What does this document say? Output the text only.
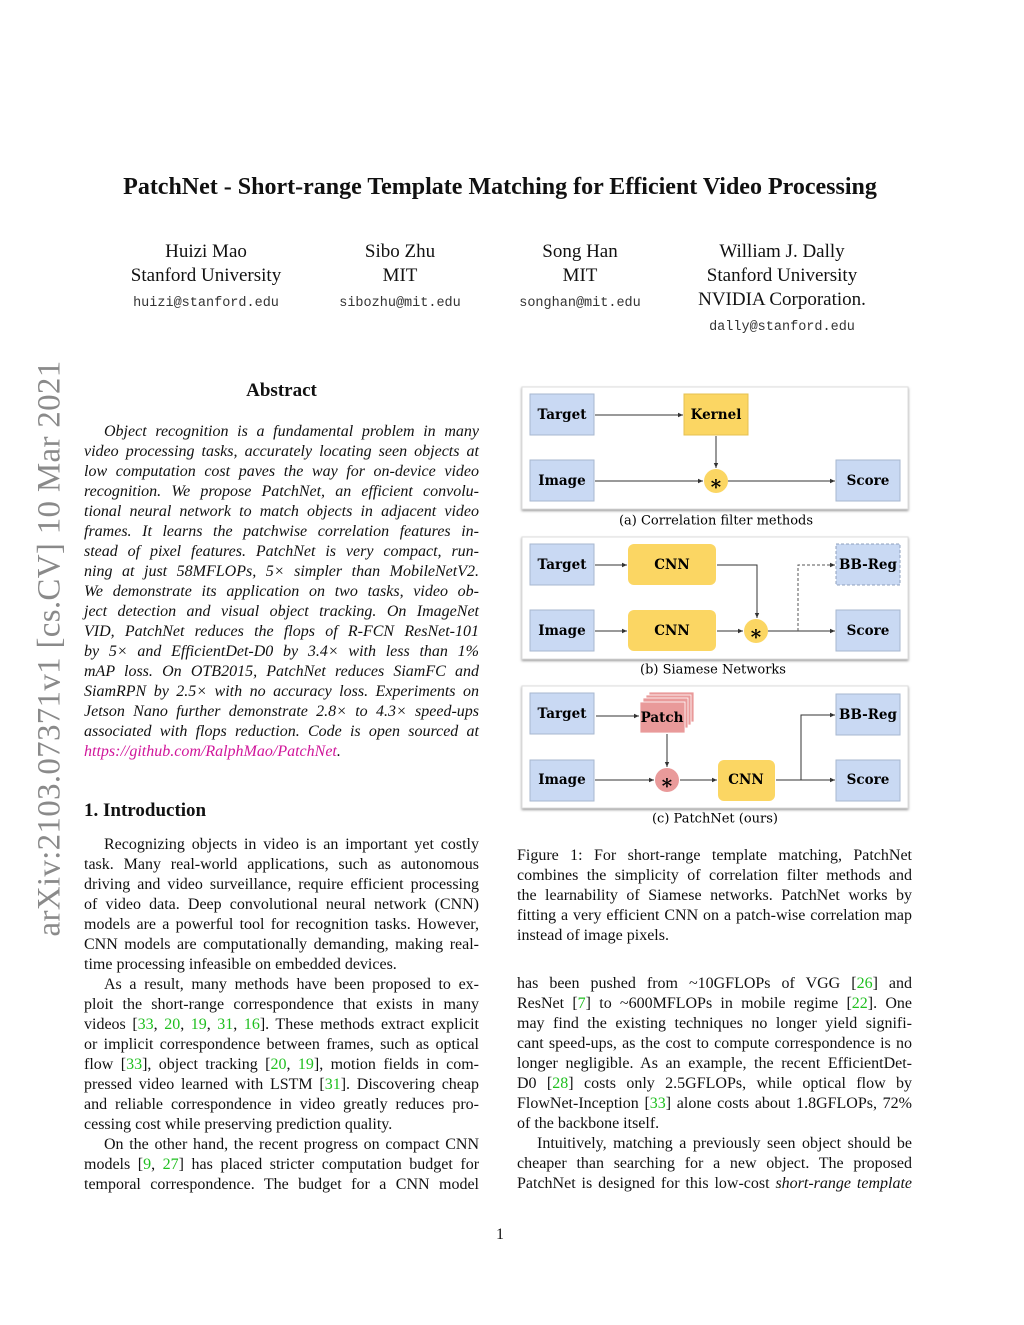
arXiv:2103.07371v1 [cs.CV] 10 Mar 2021
PatchNet - Short-range Template Matching for Efficient Video Processing
Huizi Mao
Stanford University
huizi@stanford.edu
Sibo Zhu
MIT
sibozhu@mit.edu
Song Han
MIT
songhan@mit.edu
William J. Dally
Stanford University
NVIDIA Corporation.
dally@stanford.edu
Abstract
Object recognition is a fundamental problem in many
video processing tasks, accurately locating seen objects at
low computation cost paves the way for on-device video
recognition. We propose PatchNet, an efficient convolu-
tional neural network to match objects in adjacent video
frames. It learns the patchwise correlation features in-
stead of pixel features. PatchNet is very compact, run-
ning at just 58MFLOPs, 5× simpler than MobileNetV2.
We demonstrate its application on two tasks, video ob-
ject detection and visual object tracking. On ImageNet
VID, PatchNet reduces the flops of R-FCN ResNet-101
by 5× and EfficientDet-D0 by 3.4× with less than 1%
mAP loss. On OTB2015, PatchNet reduces SiamFC and
SiamRPN by 2.5× with no accuracy loss. Experiments on
Jetson Nano further demonstrate 2.8× to 4.3× speed-ups
associated with flops reduction. Code is open sourced at
https://github.com/RalphMao/PatchNet.
1. Introduction
Recognizing objects in video is an important yet costly
task. Many real-world applications, such as autonomous
driving and video surveillance, require efficient processing
of video data. Deep convolutional neural network (CNN)
models are a powerful tool for recognition tasks. However,
CNN models are computationally demanding, making real-
time processing infeasible on embedded devices.
As a result, many methods have been proposed to ex-
ploit the short-range correspondence that exists in many
videos [33, 20, 19, 31, 16]. These methods extract explicit
or implicit correspondence between frames, such as optical
flow [33], object tracking [20, 19], motion fields in com-
pressed video learned with LSTM [31]. Discovering cheap
and reliable correspondence in video greatly reduces pro-
cessing cost while preserving prediction quality.
On the other hand, the recent progress on compact CNN
models [9, 27] has placed stricter computation budget for
temporal correspondence. The budget for a CNN model
Figure 1: For short-range template matching, PatchNet
combines the simplicity of correlation filter methods and
the learnability of Siamese networks. PatchNet works by
fitting a very efficient CNN on a patch-wise correlation map
instead of image pixels.
has been pushed from ~10GFLOPs of VGG [26] and
ResNet [7] to ~600MFLOPs in mobile regime [22]. One
may find the existing techniques no longer yield signifi-
cant speed-ups, as the cost to compute correspondence is no
longer negligible. As an example, the recent EfficientDet-
D0 [28] costs only 2.5GFLOPs, while optical flow by
FlowNet-Inception [33] alone costs about 1.8GFLOPs, 72%
of the backbone itself.
Intuitively, matching a previously seen object should be
cheaper than searching for a new object. The proposed
PatchNet is designed for this low-cost short-range template
1
Target	Kernel
Image	Score
∗
(a) Correlation filter methods
Target	CNN
Image	CNN
BB-Reg
Score
∗
(b) Siamese Networks
Target	Patch
Image	CNN
BB-Reg
Score
∗
(c) PatchNet (ours)
